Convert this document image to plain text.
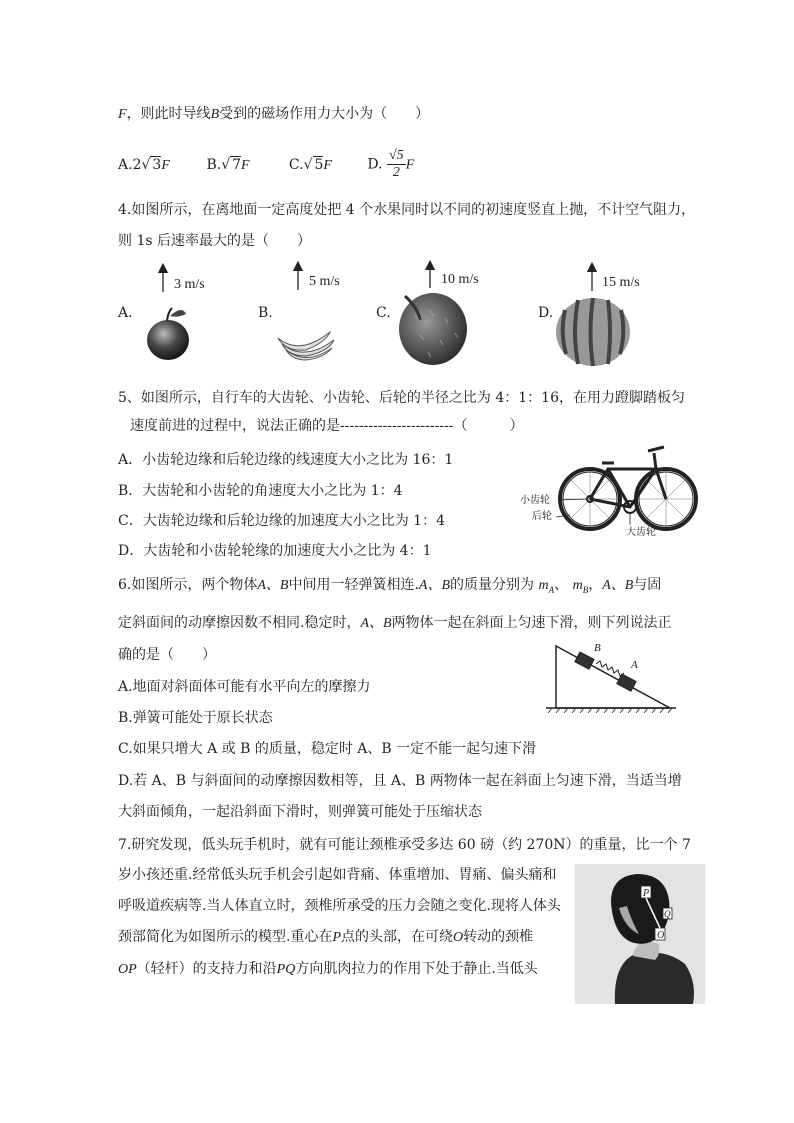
F，则此时导线B受到的磁场作用力大小为（　　）
A.2√ 3F	B.√ 7F	C.√ 5F	D. $\frac{√5}{2}$ F
4.如图所示，在离地面一定高度处把 4 个水果同时以不同的初速度竖直上抛，不计空气阻力，
则 1s 后速率最大的是（　　）
A.	B.	C.	D.
3 m/s	5 m/s	10 m/s	15 m/s
5、如图所示，自行车的大齿轮、小齿轮、后轮的半径之比为 4：1：16，在用力蹬脚踏板匀
速度前进的过程中，说法正确的是------------------------（　　　）
A．小齿轮边缘和后轮边缘的线速度大小之比为 16：1
B．大齿轮和小齿轮的角速度大小之比为 1：4
C．大齿轮边缘和后轮边缘的加速度大小之比为 1：4
D．大齿轮和小齿轮轮缘的加速度大小之比为 4：1
小齿轮
后轮
大齿轮
6.如图所示，两个物体A、B中间用一轻弹簧相连.A、B的质量分别为 $m_A$、 $m_B$，A、B与固
定斜面间的动摩擦因数不相同.稳定时，A、B两物体一起在斜面上匀速下滑，则下列说法正
确的是（　　）
A.地面对斜面体可能有水平向左的摩擦力
B.弹簧可能处于原长状态
C.如果只增大 A 或 B 的质量，稳定时 A、B 一定不能一起匀速下滑
D.若 A、B 与斜面间的动摩擦因数相等，且 A、B 两物体一起在斜面上匀速下滑，当适当增
大斜面倾角，一起沿斜面下滑时，则弹簧可能处于压缩状态
B
A
7.研究发现，低头玩手机时，就有可能让颈椎承受多达 60 磅（约 270N）的重量，比一个 7
岁小孩还重.经常低头玩手机会引起如背痛、体重增加、胃痛、偏头痛和
呼吸道疾病等.当人体直立时，颈椎所承受的压力会随之变化.现将人体头
颈部简化为如图所示的模型.重心在P点的头部，在可绕O转动的颈椎
OP（轻杆）的支持力和沿PQ方向肌肉拉力的作用下处于静止.当低头
P
Q
O
